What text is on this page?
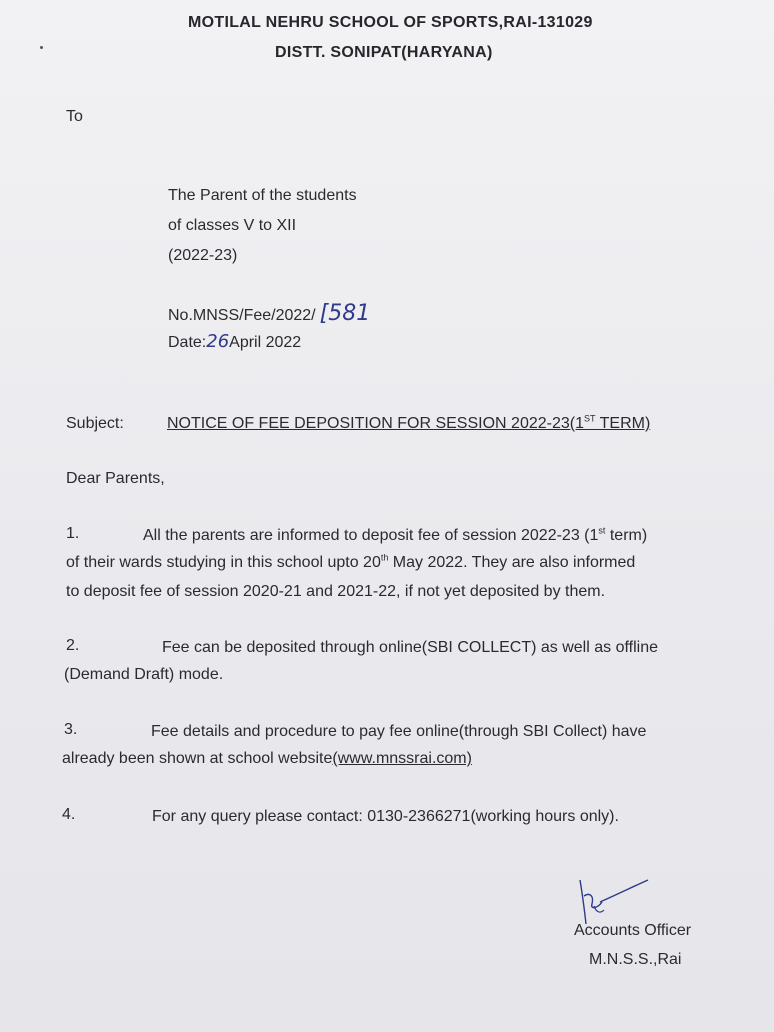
MOTILAL NEHRU SCHOOL OF SPORTS,RAI-131029
DISTT. SONIPAT(HARYANA)
To
The Parent of the students
of classes V to XII
(2022-23)
No.MNSS/Fee/2022/ [581
Date:26April 2022
Subject:	NOTICE OF FEE DEPOSITION FOR SESSION 2022-23(1ST TERM)
Dear Parents,
1.	All the parents are informed to deposit fee of session 2022-23 (1st term)
of their wards studying in this school upto 20th May 2022. They are also informed
to deposit fee of session 2020-21 and 2021-22, if not yet deposited by them.
2.	Fee can be deposited through online(SBI COLLECT) as well as offline
(Demand Draft) mode.
3.	Fee details and procedure to pay fee online(through SBI Collect) have
already been shown at school website(www.mnssrai.com)
4.	For any query please contact: 0130-2366271(working hours only).
Accounts Officer
M.N.S.S.,Rai
